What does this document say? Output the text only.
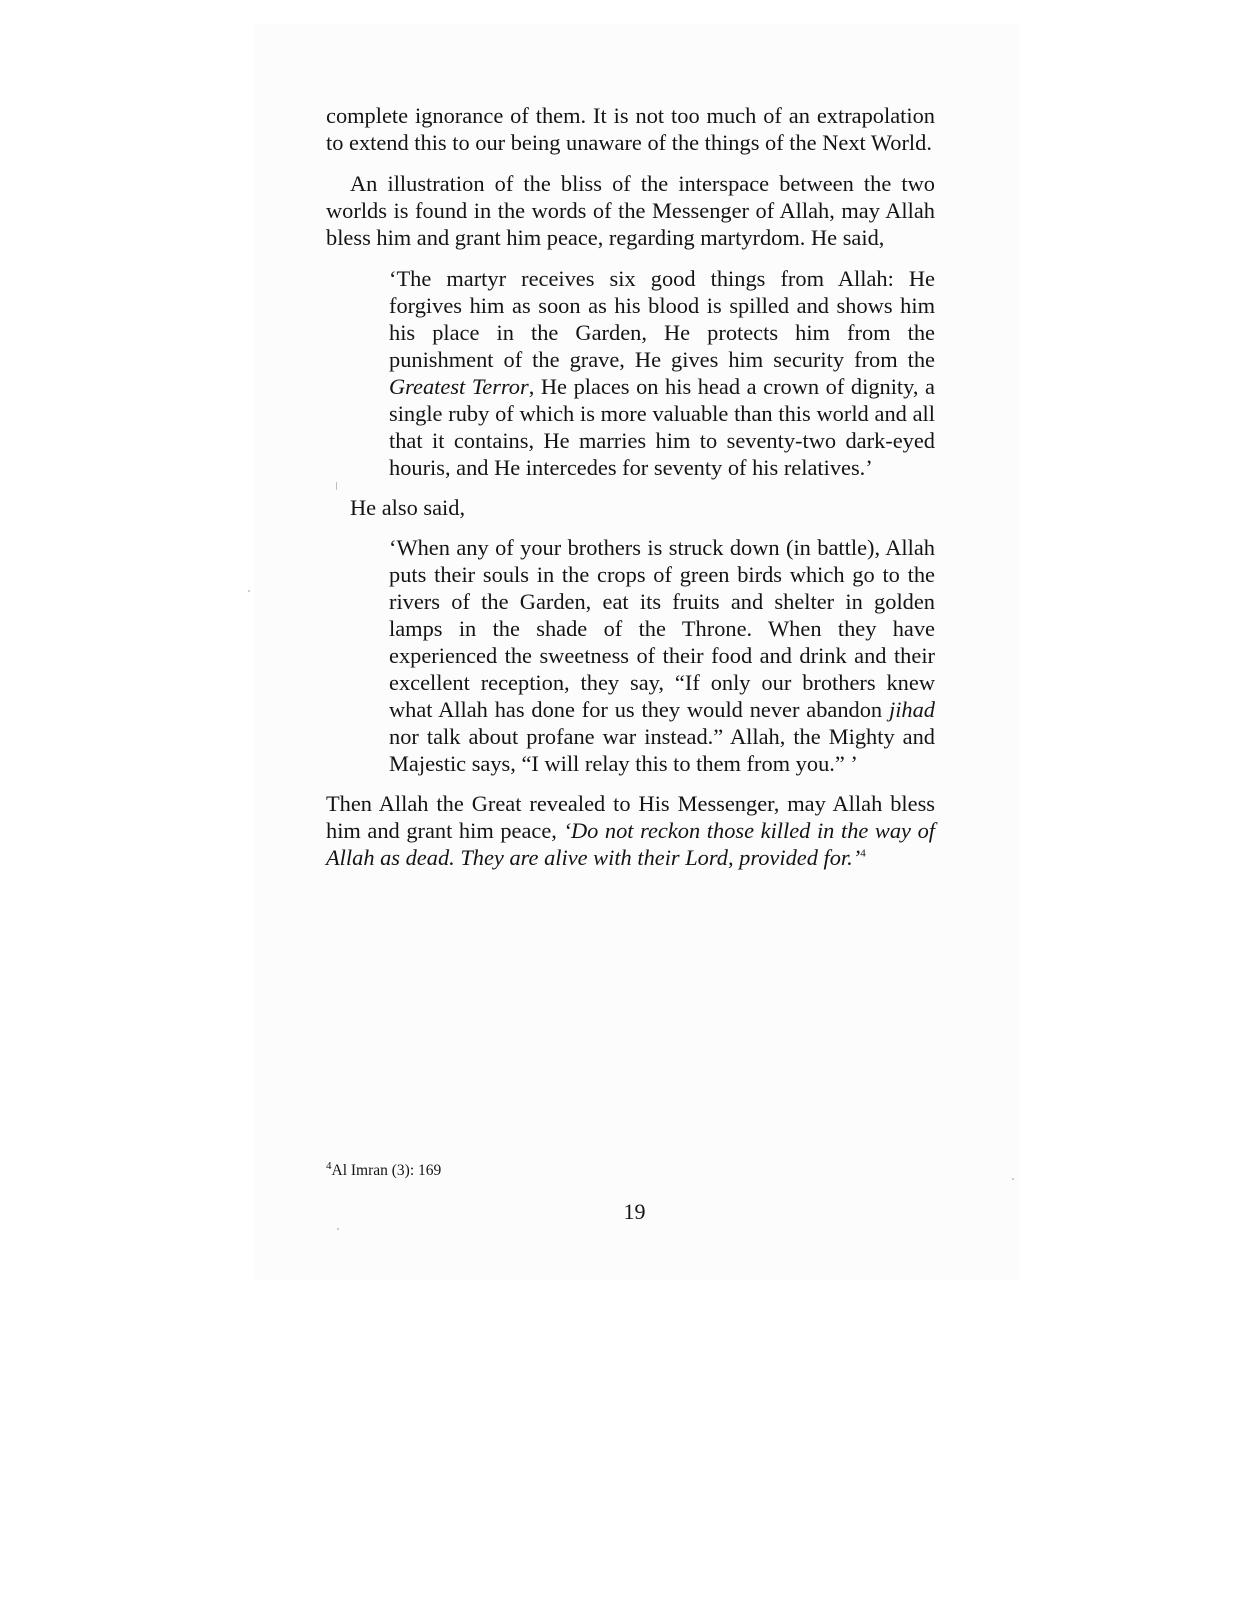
complete ignorance of them. It is not too much of an extrapolation to extend this to our being unaware of the things of the Next World.

An illustration of the bliss of the interspace between the two worlds is found in the words of the Messenger of Allah, may Allah bless him and grant him peace, regarding martyrdom. He said,

‘The martyr receives six good things from Allah: He forgives him as soon as his blood is spilled and shows him his place in the Garden, He protects him from the punishment of the grave, He gives him security from the Greatest Terror, He places on his head a crown of dignity, a single ruby of which is more valuable than this world and all that it contains, He marries him to seventy-two dark-eyed houris, and He intercedes for seventy of his relatives.’

He also said,

‘When any of your brothers is struck down (in battle), Allah puts their souls in the crops of green birds which go to the rivers of the Garden, eat its fruits and shelter in golden lamps in the shade of the Throne. When they have experienced the sweetness of their food and drink and their excellent reception, they say, “If only our brothers knew what Allah has done for us they would never abandon jihad nor talk about profane war instead.” Allah, the Mighty and Majestic says, “I will relay this to them from you.” ’

Then Allah the Great revealed to His Messenger, may Allah bless him and grant him peace, ‘Do not reckon those killed in the way of Allah as dead. They are alive with their Lord, provided for.’$^4$

$^4$Al Imran (3): 169
19
